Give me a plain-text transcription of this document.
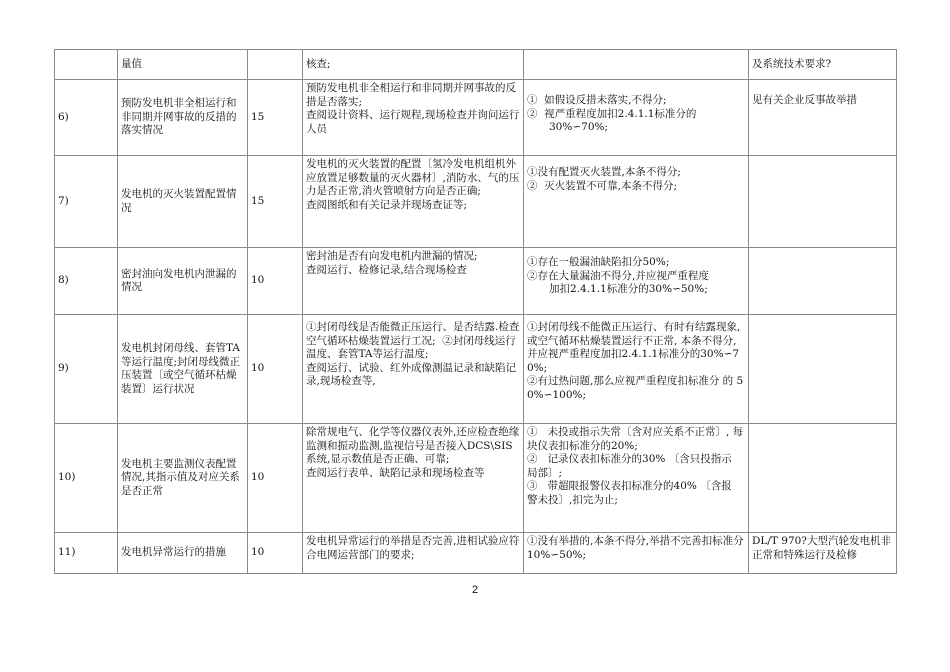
	量值		核查;		及系统技术要求?
6)	预防发电机非全相运行和非同期并网事故的反措的落实情况	15	预防发电机非全相运行和非同期并网事故的反措是否落实;
查阅设计资料、运行规程,现场检查并询问运行人员	①  如假设反措未落实,不得分;
②  视严重程度加扣2.4.1.1标准分的
30%∽70%;	见有关企业反事故举措
7)	发电机的灭火装置配置情况	15	发电机的灭火装置的配置〔氢冷发电机组机外应放置足够数量的灭火器材〕,消防水、气的压力是否正常,消火管喷射方向是否正确;
查阅图纸和有关记录并现场查证等;	①没有配置灭火装置,本条不得分;
②  灭火装置不可靠,本条不得分;	

8)	密封油向发电机内泄漏的情况	10	密封油是否有向发电机内泄漏的情况;
查阅运行、检修记录,结合现场检查	①存在一般漏油缺陷扣分50%;
②存在大量漏油不得分,并应视严重程度
加扣2.4.1.1标准分的30%∽50%;	

9)	发电机封闭母线、套管TA等运行温度;封闭母线微正压装置〔或空气循环枯燥装置〕运行状况	10	①封闭母线是否能微正压运行、是否结露.检查空气循环枯燥装置运行工况;  ②封闭母线运行温度、套管TA等运行温度;
查阅运行、试验、红外成像测温记录和缺陷记录,现场检查等,	①封闭母线不能微正压运行、有时有结露现象,或空气循环枯燥装置运行不正常, 本条不得分,并应视严重程度加扣2.4.1.1标准分的30%∽70%;
②有过热问题,那么应视严重程度扣标准分 的 50%∽100%;	

10)	发电机主要监测仪表配置情况,其指示值及对应关系是否正常	10	除常规电气、化学等仪器仪表外,还应检查绝缘监测和振动监测,监视信号是否接入DCS\SIS系统,显示数值是否正确、可靠;
查阅运行表单、缺陷记录和现场检查等	①   未投或指示失常〔含对应关系不正常〕, 每块仪表扣标准分的20%;
②   记录仪表扣标准分的30% 〔含只投指示 局部〕;
③   带超限报警仪表扣标准分的40% 〔含报 警未投〕,扣完为止;	

11)	发电机异常运行的措施	10	发电机异常运行的举措是否完善,进相试验应符合电网运营部门的要求;	①没有举措的,本条不得分,举措不完善扣标准分10%∽50%;	DL/T 970?大型汽轮发电机非正常和特殊运行及检修
2
